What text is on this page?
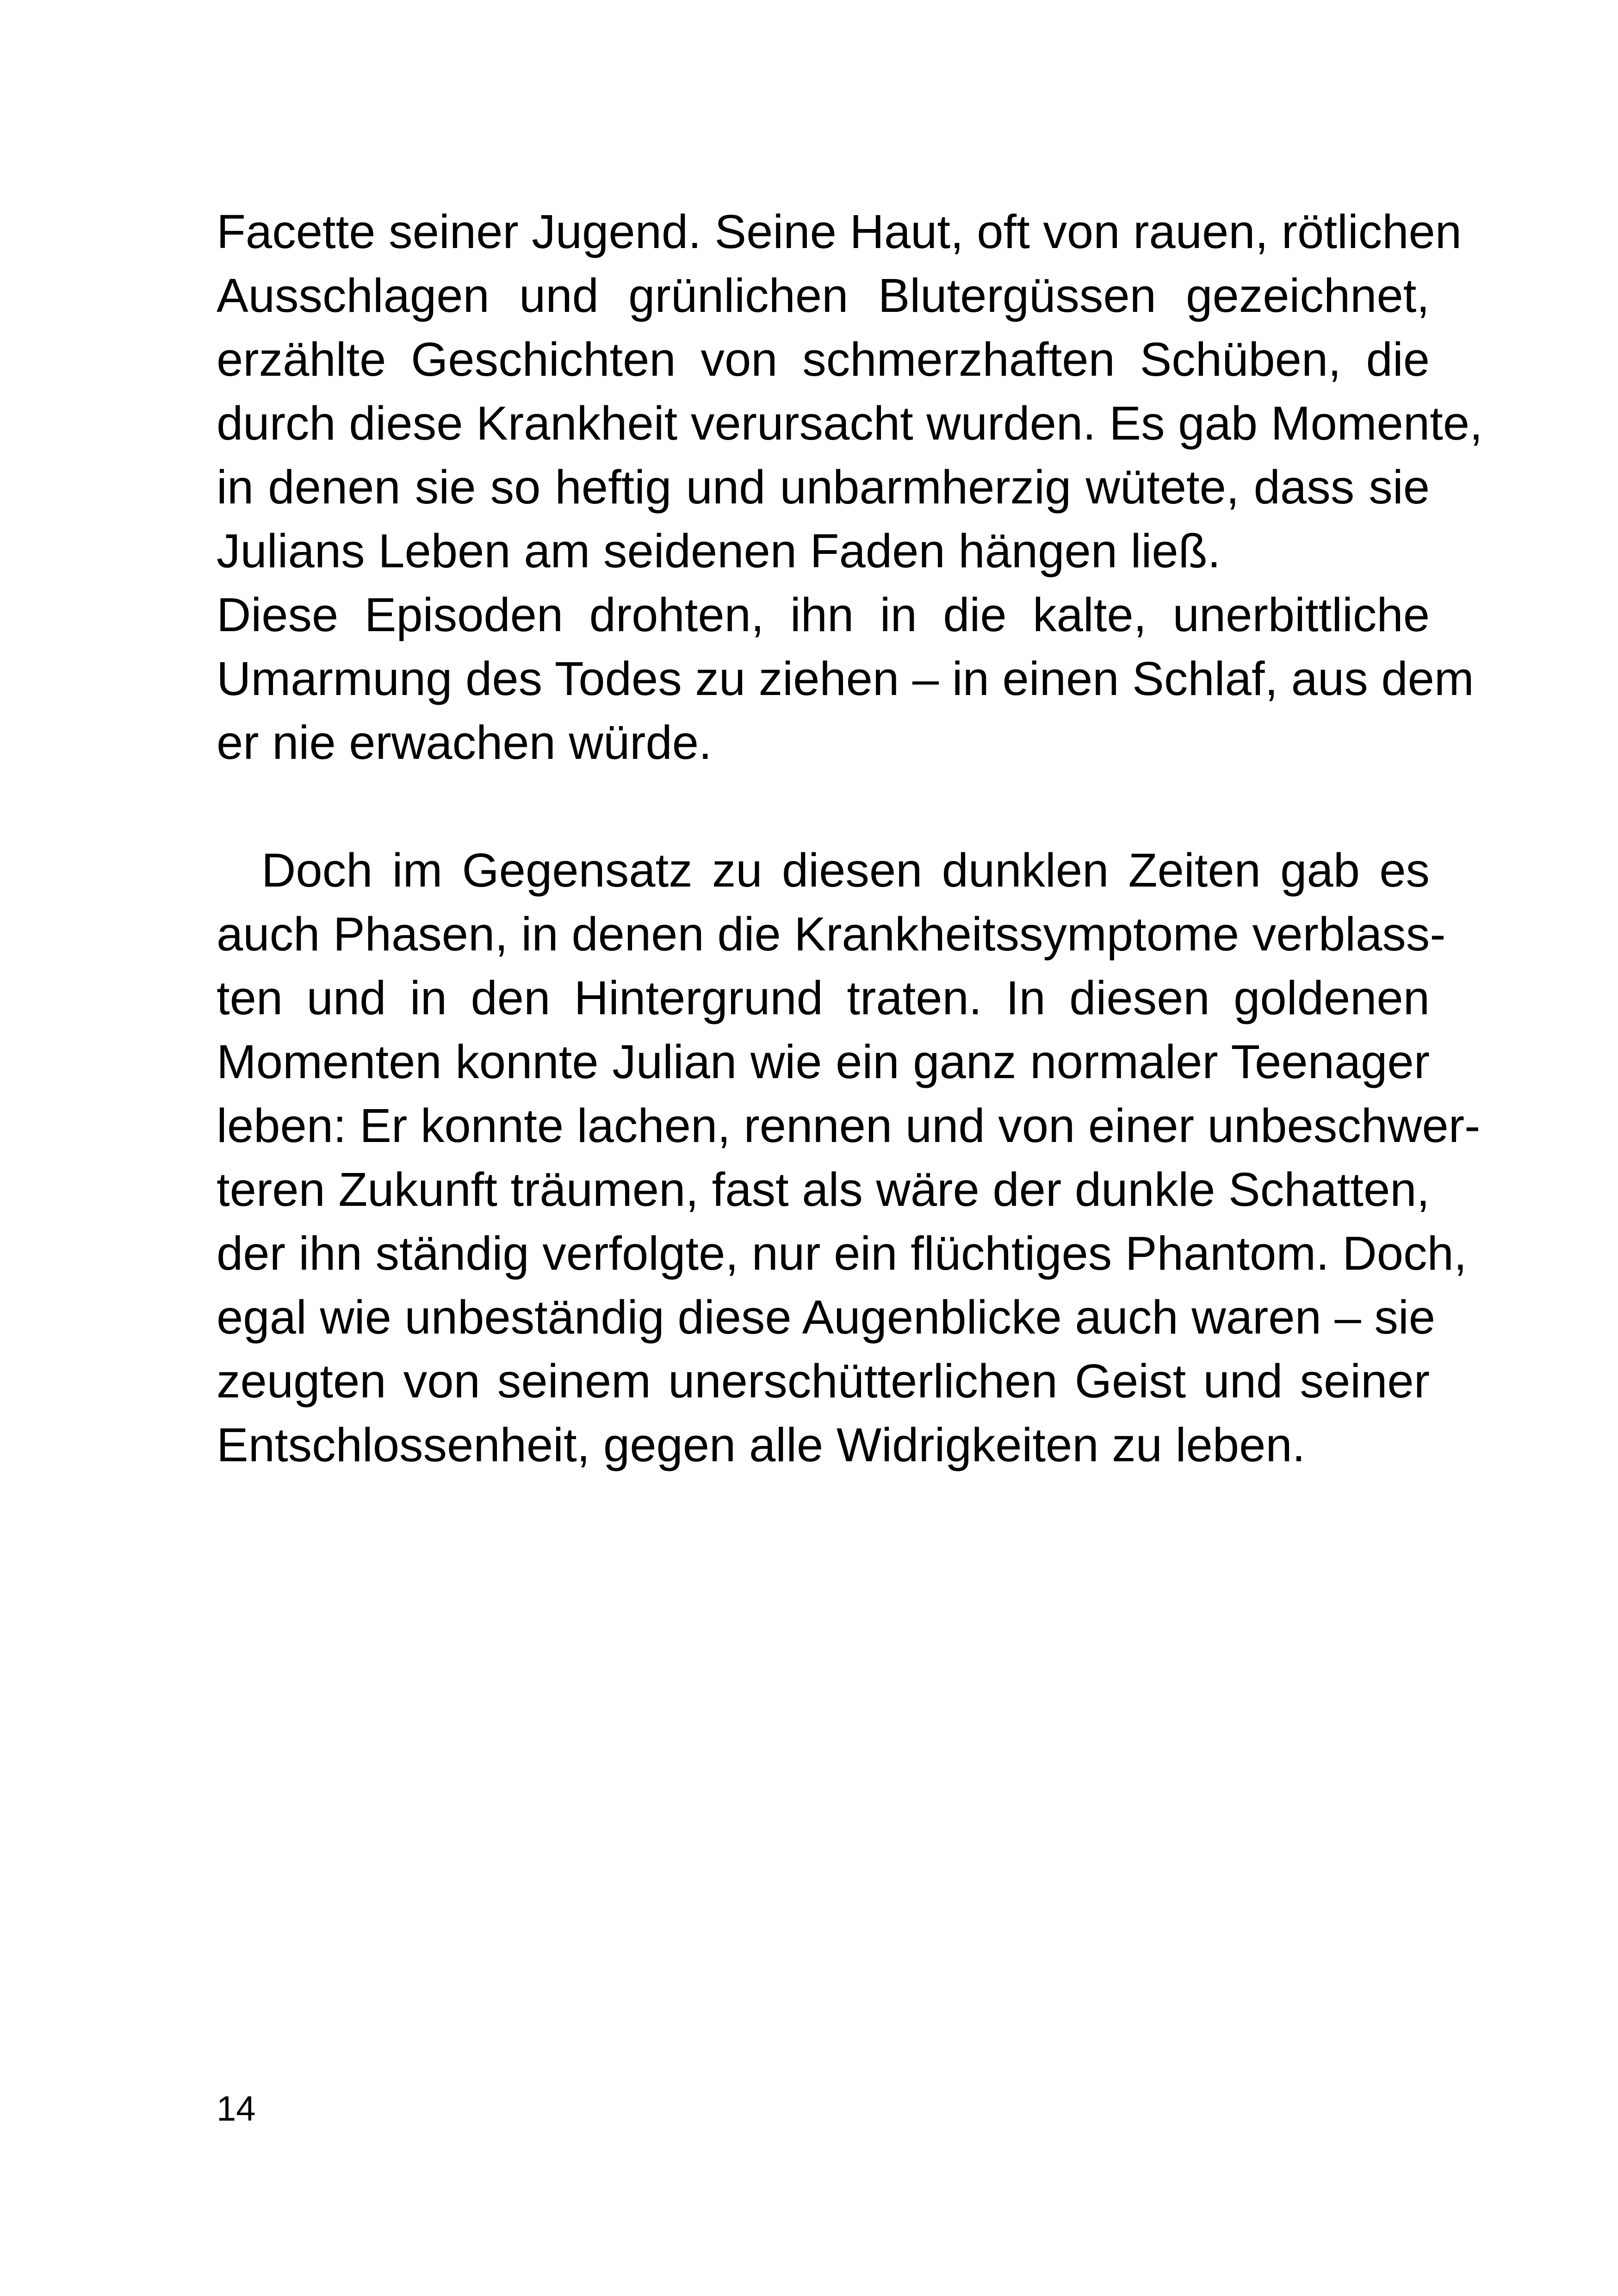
Facette seiner Jugend. Seine Haut, oft von rauen, rötlichen

Ausschlagen und grünlichen Blutergüssen gezeichnet,

erzählte Geschichten von schmerzhaften Schüben, die

durch diese Krankheit verursacht wurden. Es gab Momente,

in denen sie so heftig und unbarmherzig wütete, dass sie

Julians Leben am seidenen Faden hängen ließ.

Diese Episoden drohten, ihn in die kalte, unerbittliche

Umarmung des Todes zu ziehen – in einen Schlaf, aus dem

er nie erwachen würde.

Doch im Gegensatz zu diesen dunklen Zeiten gab es

auch Phasen, in denen die Krankheitssymptome verblass-

ten und in den Hintergrund traten. In diesen goldenen

Momenten konnte Julian wie ein ganz normaler Teenager

leben: Er konnte lachen, rennen und von einer unbeschwer-

teren Zukunft träumen, fast als wäre der dunkle Schatten,

der ihn ständig verfolgte, nur ein flüchtiges Phantom. Doch,

egal wie unbeständig diese Augenblicke auch waren – sie

zeugten von seinem unerschütterlichen Geist und seiner

Entschlossenheit, gegen alle Widrigkeiten zu leben.

14
